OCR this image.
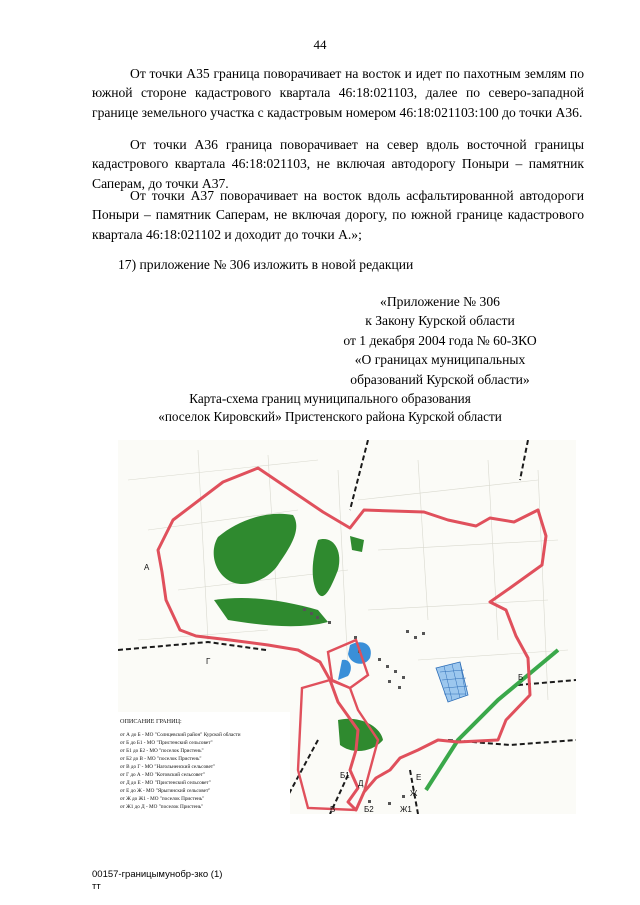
44

От точки А35 граница поворачивает на восток и идет по пахотным землям по южной стороне кадастрового квартала 46:18:021103, далее по северо-западной границе земельного участка с кадастровым номером 46:18:021103:100 до точки А36.

От точки А36 граница поворачивает на север вдоль восточной границы кадастрового квартала 46:18:021103, не включая автодорогу Поныри – памятник Саперам, до точки А37.

От точки А37 поворачивает на восток вдоль асфальтированной автодороги Поныри – памятник Саперам, не включая дорогу, по южной границе кадастрового квартала 46:18:021102 и доходит до точки А.»;

17) приложение № 306 изложить в новой редакции

«Приложение № 306
к Закону Курской области
от 1 декабря 2004 года № 60-ЗКО
«О границах муниципальных
образований Курской области»
Карта-схема границ муниципального образования
«поселок Кировский» Пристенского района Курской области
А
Г
Б
Б1
Д
В	Б2
Е
Ж
Ж1
ОПИСАНИЕ ГРАНИЦ:
от А до Б - МО "Солнцевский район" Курской области
от Б до Б1 - МО "Пристенский сельсовет"
от Б1 до Б2 - МО "поселок Пристень"
от Б2 до В - МО "поселок Пристень"
от В до Г - МО "Нагольненский сельсовет"
от Г до А - МО "Котовский сельсовет"
от Д до Е - МО "Пристенский сельсовет"
от Е до Ж - МО "Ярыгинский сельсовет"
от Ж до Ж1 - МО "поселок Пристень"
от Ж1 до Д - МО "поселок Пристень"
00157-границымунобр-зко (1)
тт
